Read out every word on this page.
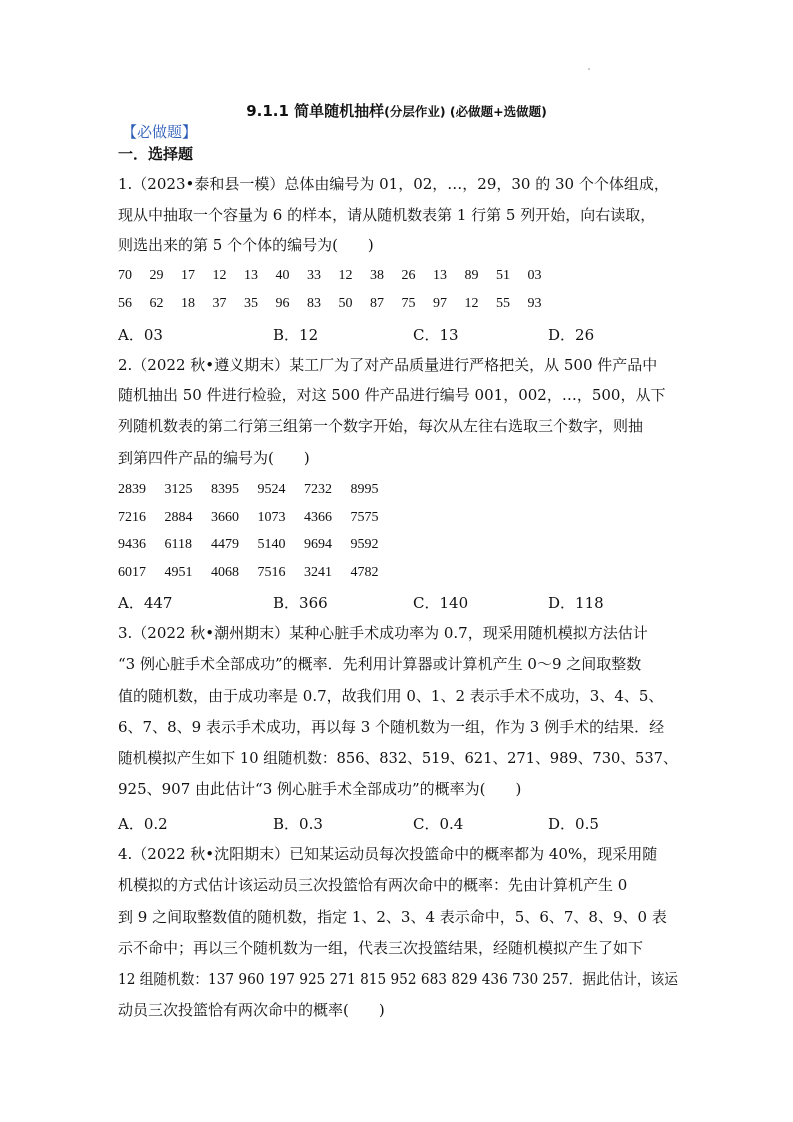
9.1.1 简单随机抽样(分层作业) (必做题+选做题)
【必做题】
一．选择题
1.（2023•泰和县一模）总体由编号为 01，02，…，29，30 的 30 个个体组成，
现从中抽取一个容量为 6 的样本，请从随机数表第 1 行第 5 列开始，向右读取，
则选出来的第 5 个个体的编号为(　　)
70 29 17 12 13 40 33 12 38 26 13 89 51 03
56 62 18 37 35 96 83 50 87 75 97 12 55 93
A．03	B．12	C．13	D．26
2.（2022 秋•遵义期末）某工厂为了对产品质量进行严格把关，从 500 件产品中
随机抽出 50 件进行检验，对这 500 件产品进行编号 001，002，…，500，从下
列随机数表的第二行第三组第一个数字开始，每次从左往右选取三个数字，则抽
到第四件产品的编号为(　　)
2839 3125 8395 9524 7232 8995
7216 2884 3660 1073 4366 7575
9436 6118 4479 5140 9694 9592
6017 4951 4068 7516 3241 4782
A．447	B．366	C．140	D．118
3.（2022 秋•潮州期末）某种心脏手术成功率为 0.7，现采用随机模拟方法估计
“3 例心脏手术全部成功”的概率．先利用计算器或计算机产生 0～9 之间取整数
值的随机数，由于成功率是 0.7，故我们用 0、1、2 表示手术不成功，3、4、5、
6、7、8、9 表示手术成功，再以每 3 个随机数为一组，作为 3 例手术的结果．经
随机模拟产生如下 10 组随机数：856、832、519、621、271、989、730、537、
925、907 由此估计“3 例心脏手术全部成功”的概率为(　　)
A．0.2	B．0.3	C．0.4	D．0.5
4.（2022 秋•沈阳期末）已知某运动员每次投篮命中的概率都为 40%，现采用随
机模拟的方式估计该运动员三次投篮恰有两次命中的概率：先由计算机产生 0
到 9 之间取整数值的随机数，指定 1、2、3、4 表示命中，5、6、7、8、9、0 表
示不命中；再以三个随机数为一组，代表三次投篮结果，经随机模拟产生了如下
12 组随机数：137 960 197 925 271 815 952 683 829 436 730 257．据此估计，该运
动员三次投篮恰有两次命中的概率(　　)
